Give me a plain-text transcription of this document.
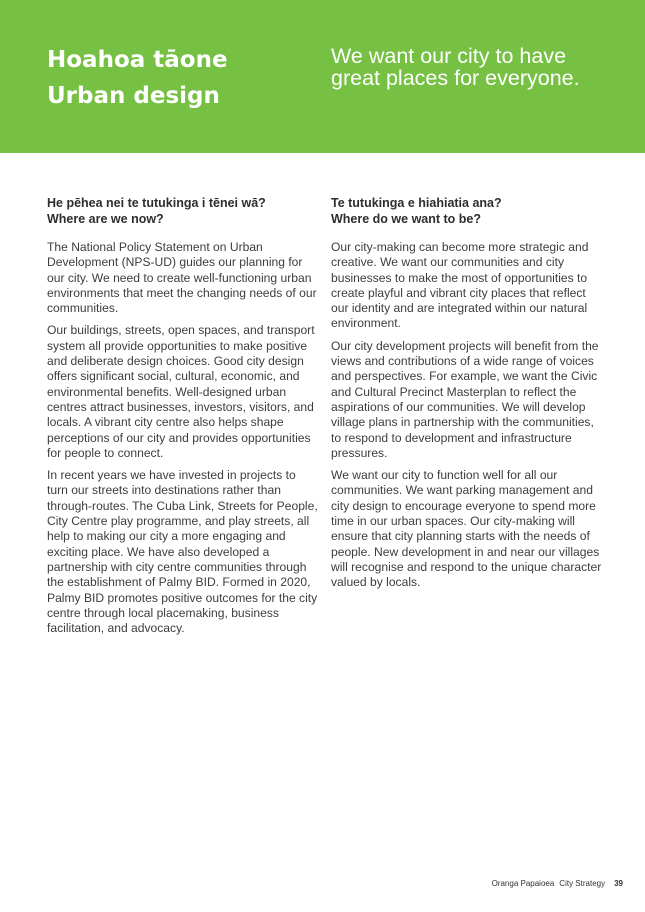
Hoahoa tāone
Urban design

We want our city to have great places for everyone.

He pēhea nei te tutukinga i tēnei wā?
Where are we now?

The National Policy Statement on Urban Development (NPS-UD) guides our planning for our city. We need to create well-functioning urban environments that meet the changing needs of our communities.

Our buildings, streets, open spaces, and transport system all provide opportunities to make positive and deliberate design choices. Good city design offers significant social, cultural, economic, and environmental benefits. Well-designed urban centres attract businesses, investors, visitors, and locals. A vibrant city centre also helps shape perceptions of our city and provides opportunities for people to connect.

In recent years we have invested in projects to turn our streets into destinations rather than through-routes. The Cuba Link, Streets for People, City Centre play programme, and play streets, all help to making our city a more engaging and exciting place. We have also developed a partnership with city centre communities through the establishment of Palmy BID. Formed in 2020, Palmy BID promotes positive outcomes for the city centre through local placemaking, business facilitation, and advocacy.

Te tutukinga e hiahiatia ana?
Where do we want to be?

Our city-making can become more strategic and creative. We want our communities and city businesses to make the most of opportunities to create playful and vibrant city places that reflect our identity and are integrated within our natural environment.

Our city development projects will benefit from the views and contributions of a wide range of voices and perspectives. For example, we want the Civic and Cultural Precinct Masterplan to reflect the aspirations of our communities. We will develop village plans in partnership with the communities, to respond to development and infrastructure pressures.

We want our city to function well for all our communities. We want parking management and city design to encourage everyone to spend more time in our urban spaces. Our city-making will ensure that city planning starts with the needs of people. New development in and near our villages will recognise and respond to the unique character valued by locals.

Oranga Papaioea City Strategy 39
